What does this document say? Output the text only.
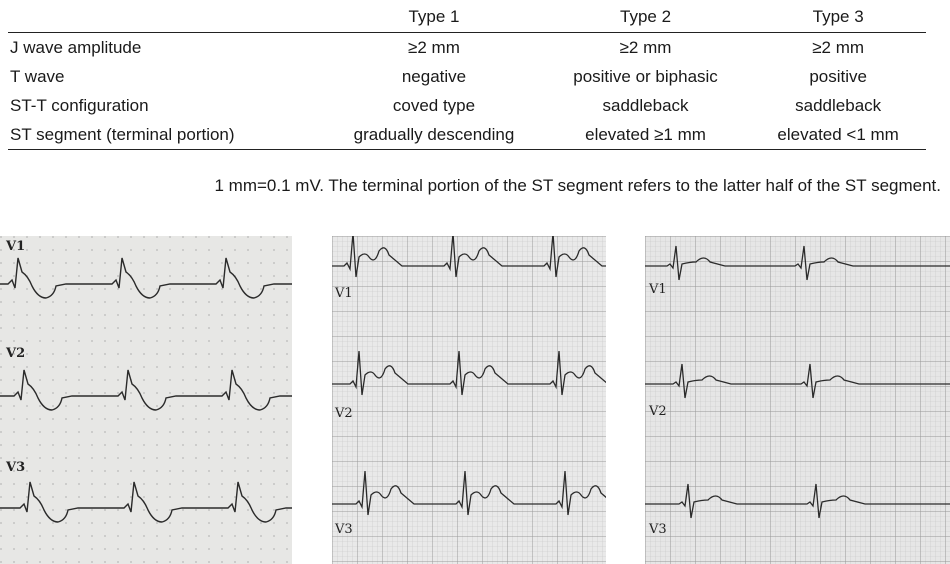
	Type 1	Type 2	Type 3
J wave amplitude	≥2 mm	≥2 mm	≥2 mm
T wave	negative	positive or biphasic	positive
ST-T configuration	coved type	saddleback	saddleback
ST segment (terminal portion)	gradually descending	elevated ≥1 mm	elevated <1 mm
1 mm=0.1 mV. The terminal portion of the ST segment refers to the latter half of the ST segment.
V1
V2
V3
V1
V2
V3
V1
V2
V3
